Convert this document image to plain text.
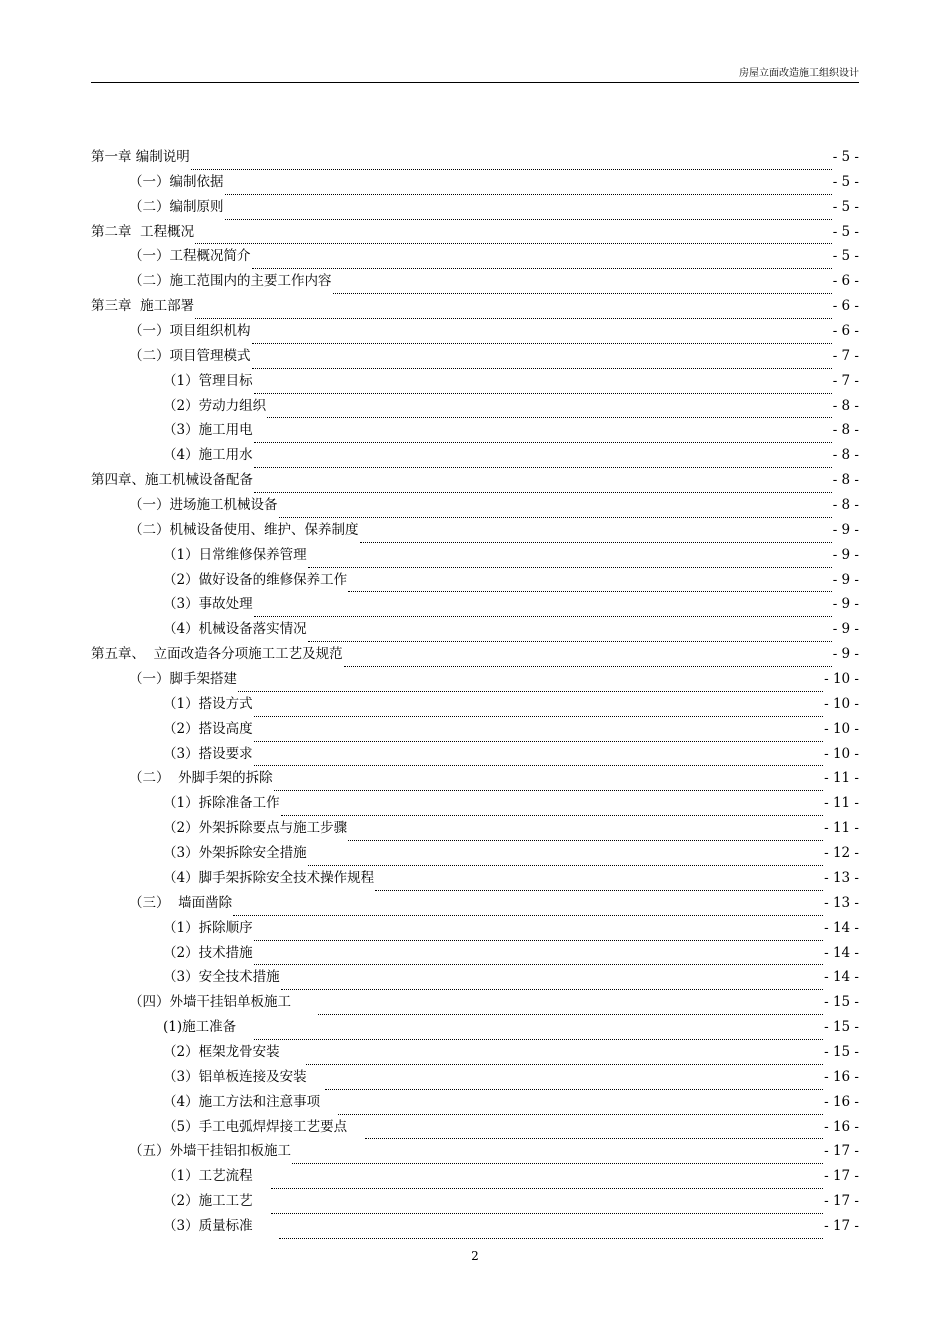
房屋立面改造施工组织设计
第一章 编制说明	- 5 -
（一）编制依据	- 5 -
（二）编制原则	- 5 -
第二章  工程概况	- 5 -
（一）工程概况简介	- 5 -
（二）施工范围内的主要工作内容	- 6 -
第三章  施工部署	- 6 -
（一）项目组织机构	- 6 -
（二）项目管理模式	- 7 -
（1）管理目标	- 7 -
（2）劳动力组织	- 8 -
（3）施工用电	- 8 -
（4）施工用水	- 8 -
第四章、施工机械设备配备	- 8 -
（一）进场施工机械设备	- 8 -
（二）机械设备使用、维护、保养制度	- 9 -
（1）日常维修保养管理	- 9 -
（2）做好设备的维修保养工作	- 9 -
（3）事故处理	- 9 -
（4）机械设备落实情况	- 9 -
第五章、  立面改造各分项施工工艺及规范	- 9 -
（一）脚手架搭建	- 10 -
（1）搭设方式	- 10 -
（2）搭设高度	- 10 -
（3）搭设要求	- 10 -
（二）  外脚手架的拆除	- 11 -
（1）拆除准备工作	- 11 -
（2）外架拆除要点与施工步骤	- 11 -
（3）外架拆除安全措施	- 12 -
（4）脚手架拆除安全技术操作规程	- 13 -
（三）  墙面凿除	- 13 -
（1）拆除顺序	- 14 -
（2）技术措施	- 14 -
（3）安全技术措施	- 14 -
（四）外墙干挂铝单板施工	- 15 -
(1)施工准备	- 15 -
（2）框架龙骨安装	- 15 -
（3）铝单板连接及安装	- 16 -
（4）施工方法和注意事项	- 16 -
（5）手工电弧焊焊接工艺要点	- 16 -
（五）外墙干挂铝扣板施工	- 17 -
（1）工艺流程	- 17 -
（2）施工工艺	- 17 -
（3）质量标准	- 17 -
2
